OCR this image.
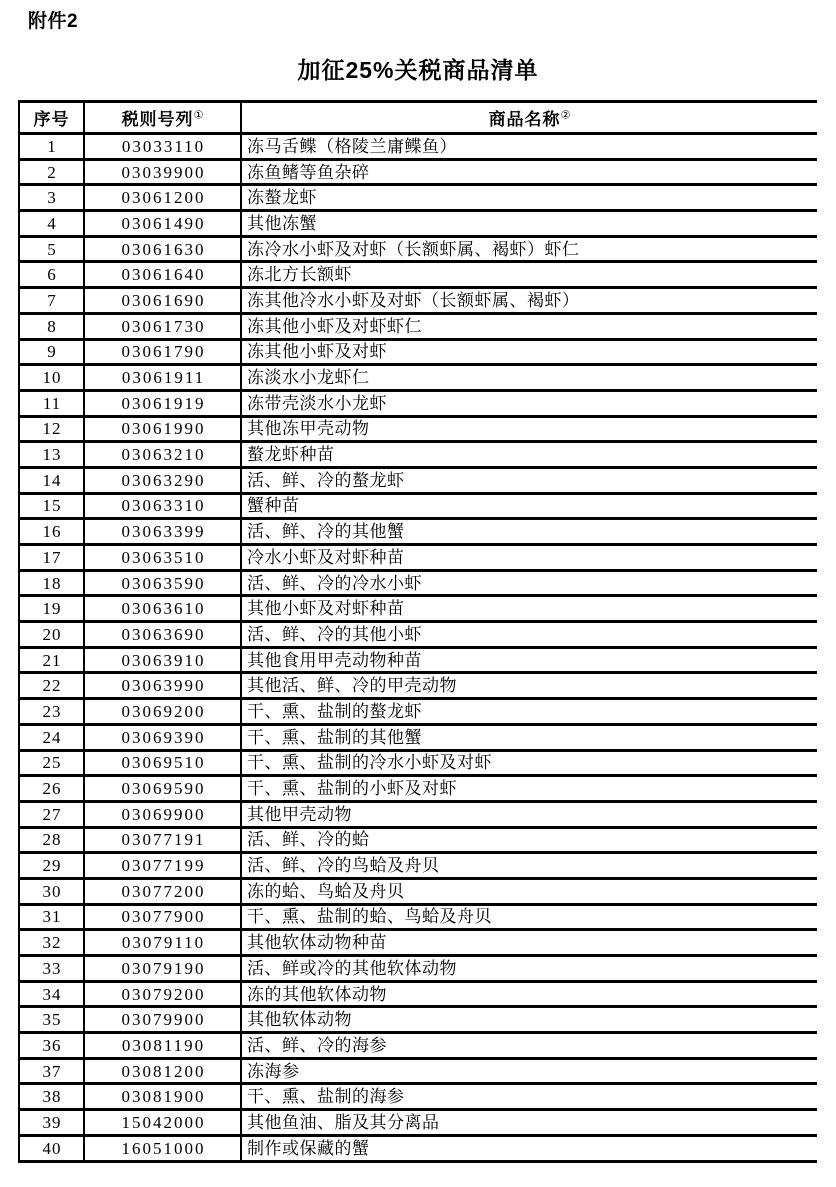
附件2
加征25%关税商品清单
序号	税则号列①	商品名称②
1	03033110	冻马舌鲽（格陵兰庸鲽鱼）
2	03039900	冻鱼鳍等鱼杂碎
3	03061200	冻螯龙虾
4	03061490	其他冻蟹
5	03061630	冻冷水小虾及对虾（长额虾属、褐虾）虾仁
6	03061640	冻北方长额虾
7	03061690	冻其他冷水小虾及对虾（长额虾属、褐虾）
8	03061730	冻其他小虾及对虾虾仁
9	03061790	冻其他小虾及对虾
10	03061911	冻淡水小龙虾仁
11	03061919	冻带壳淡水小龙虾
12	03061990	其他冻甲壳动物
13	03063210	螯龙虾种苗
14	03063290	活、鲜、冷的螯龙虾
15	03063310	蟹种苗
16	03063399	活、鲜、冷的其他蟹
17	03063510	冷水小虾及对虾种苗
18	03063590	活、鲜、冷的冷水小虾
19	03063610	其他小虾及对虾种苗
20	03063690	活、鲜、冷的其他小虾
21	03063910	其他食用甲壳动物种苗
22	03063990	其他活、鲜、冷的甲壳动物
23	03069200	干、熏、盐制的螯龙虾
24	03069390	干、熏、盐制的其他蟹
25	03069510	干、熏、盐制的冷水小虾及对虾
26	03069590	干、熏、盐制的小虾及对虾
27	03069900	其他甲壳动物
28	03077191	活、鲜、冷的蛤
29	03077199	活、鲜、冷的鸟蛤及舟贝
30	03077200	冻的蛤、鸟蛤及舟贝
31	03077900	干、熏、盐制的蛤、鸟蛤及舟贝
32	03079110	其他软体动物种苗
33	03079190	活、鲜或冷的其他软体动物
34	03079200	冻的其他软体动物
35	03079900	其他软体动物
36	03081190	活、鲜、冷的海参
37	03081200	冻海参
38	03081900	干、熏、盐制的海参
39	15042000	其他鱼油、脂及其分离品
40	16051000	制作或保藏的蟹
